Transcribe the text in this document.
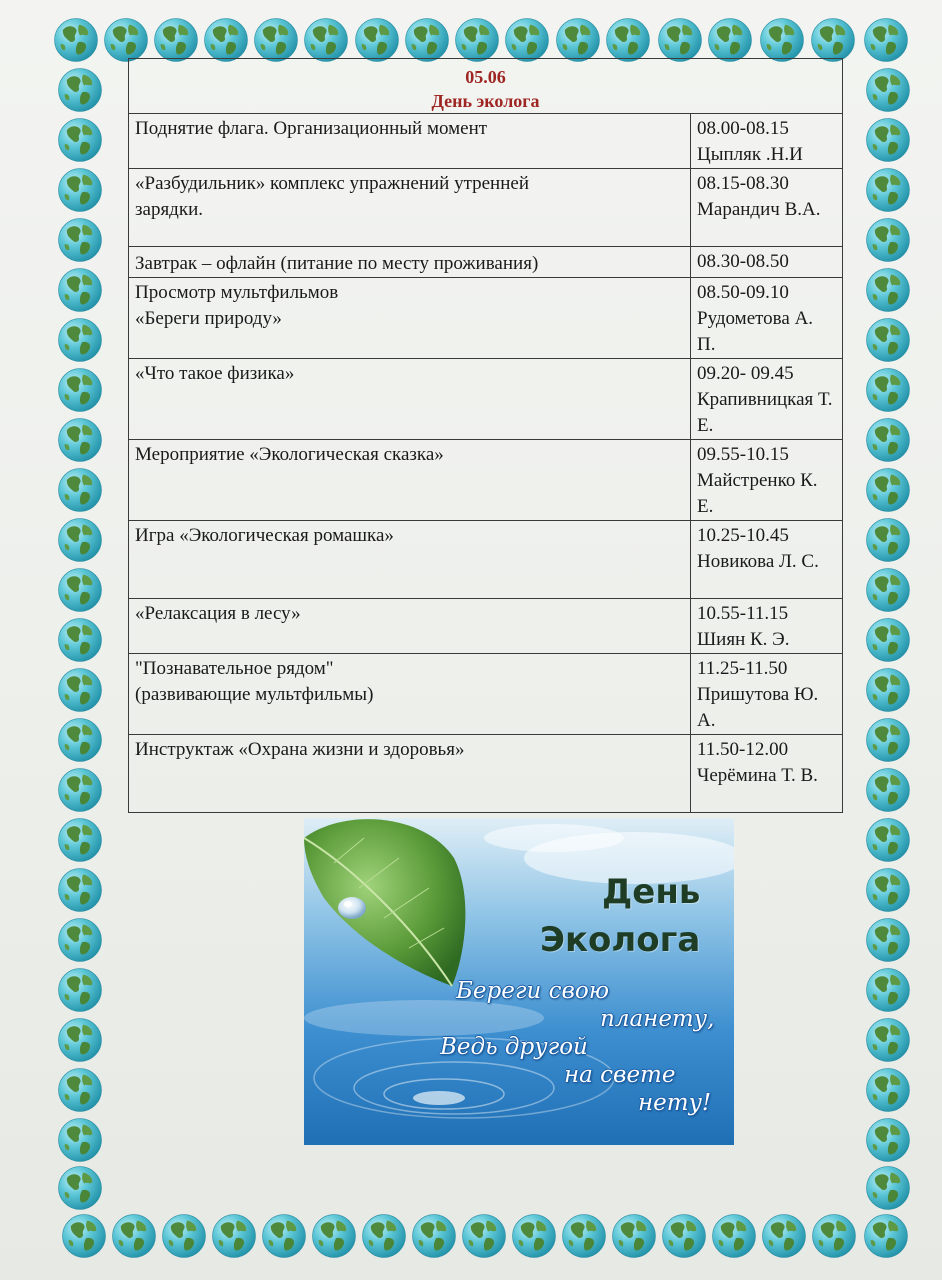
05.06
День эколога	

Поднятие флага. Организационный момент	08.00-08.15
Цыпляк .Н.И

«Разбудильник» комплекс упражнений утренней
зарядки.	08.15-08.30
Марандич В.А.

Завтрак – офлайн (питание по месту проживания)	08.30-08.50

Просмотр мультфильмов
«Береги природу»	08.50-09.10
Рудометова А. П.

«Что такое физика»	09.20- 09.45
Крапивницкая Т. Е.

Мероприятие «Экологическая сказка»	09.55-10.15
Майстренко К. Е.

Игра «Экологическая ромашка»	10.25-10.45
Новикова Л. С.

«Релаксация в лесу»	10.55-11.15
Шиян К. Э.

"Познавательное рядом"
(развивающие мультфильмы)	11.25-11.50
Пришутова Ю. А.

Инструктаж «Охрана жизни и здоровья»	11.50-12.00
Черёмина Т. В.
День
Эколога
Береги свою
планету,
Ведь другой
на свете
нету!
